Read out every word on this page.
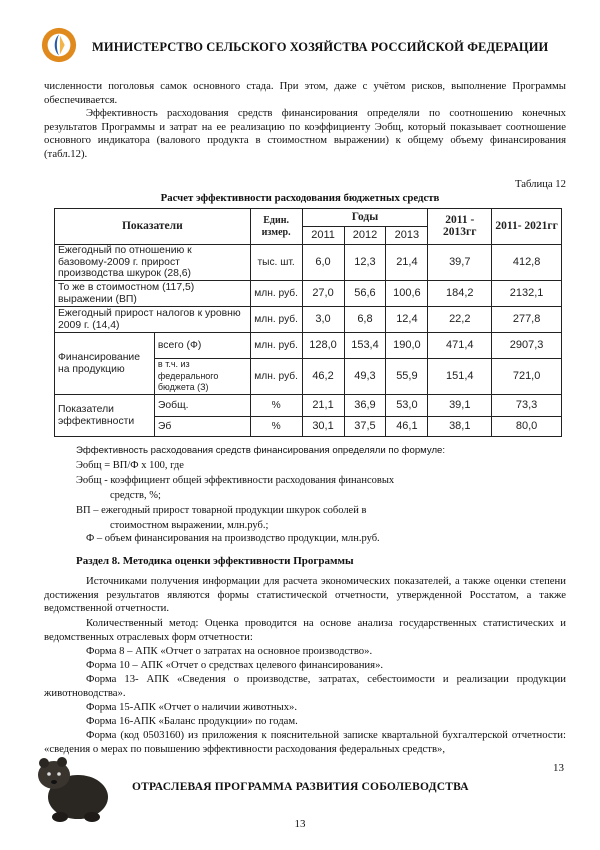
МИНИСТЕРСТВО СЕЛЬСКОГО ХОЗЯЙСТВА РОССИЙСКОЙ ФЕДЕРАЦИИ
численности поголовья самок основного стада. При этом, даже с учётом рисков, выполнение Программы обеспечивается.
Эффективность расходования средств финансирования определяли по соотношению конечных результатов Программы и затрат на ее реализацию по коэффициенту Эобщ, который показывает соотношение основного индикатора (валового продукта в стоимостном выражении) к общему объему финансирования (табл.12).
Таблица 12
Расчет эффективности расходования бюджетных средств
Показатели		Един. измер.	Годы			2011 - 2013гг	2011- 2021гг
			2011	2012	2013		
Ежегодный по отношению к базовому-2009 г. прирост производства шкурок (28,6)		тыс. шт.	6,0	12,3	21,4	39,7	412,8
То же в стоимостном (117,5) выражении (ВП)		млн. руб.	27,0	56,6	100,6	184,2	2132,1
Ежегодный прирост налогов к уровню 2009 г. (14,4)		млн. руб.	3,0	6,8	12,4	22,2	277,8
Финансирование на продукцию	всего (Ф)	млн. руб.	128,0	153,4	190,0	471,4	2907,3
	в т.ч. из федерального бюджета (З)	млн. руб.	46,2	49,3	55,9	151,4	721,0
Показатели эффективности	Эобщ.	%	21,1	36,9	53,0	39,1	73,3
	Эб	%	30,1	37,5	46,1	38,1	80,0
Эффективность расходования средств финансирования определяли по формуле:
Эобщ = ВП/Ф х 100, где
Эобщ - коэффициент общей эффективности расходования финансовых
средств, %;
ВП – ежегодный прирост товарной продукции шкурок соболей в
стоимостном выражении, млн.руб.;
Раздел 8. Методика оценки эффективности Программы
Ф – объем финансирования на производство продукции, млн.руб.
Источниками получения информации для расчета экономических показателей, а также оценки степени достижения результатов являются формы статистической отчетности, утвержденной Росстатом, а также ведомственной отчетности.
Количественный метод: Оценка проводится на основе анализа государственных статистических и ведомственных отраслевых форм отчетности:
Форма 8 – АПК «Отчет о затратах на основное производство».
Форма 10 – АПК «Отчет о средствах целевого финансирования».
Форма 13- АПК «Сведения о производстве, затратах, себестоимости и реализации продукции животноводства».
Форма 15-АПК «Отчет о наличии животных».
Форма 16-АПК «Баланс продукции» по годам.
Форма (код 0503160) из приложения к пояснительной записке квартальной бухгалтерской отчетности: «сведения о мерах по повышению эффективности расходования федеральных средств»,
13
ОТРАСЛЕВАЯ ПРОГРАММА РАЗВИТИЯ СОБОЛЕВОДСТВА
13
